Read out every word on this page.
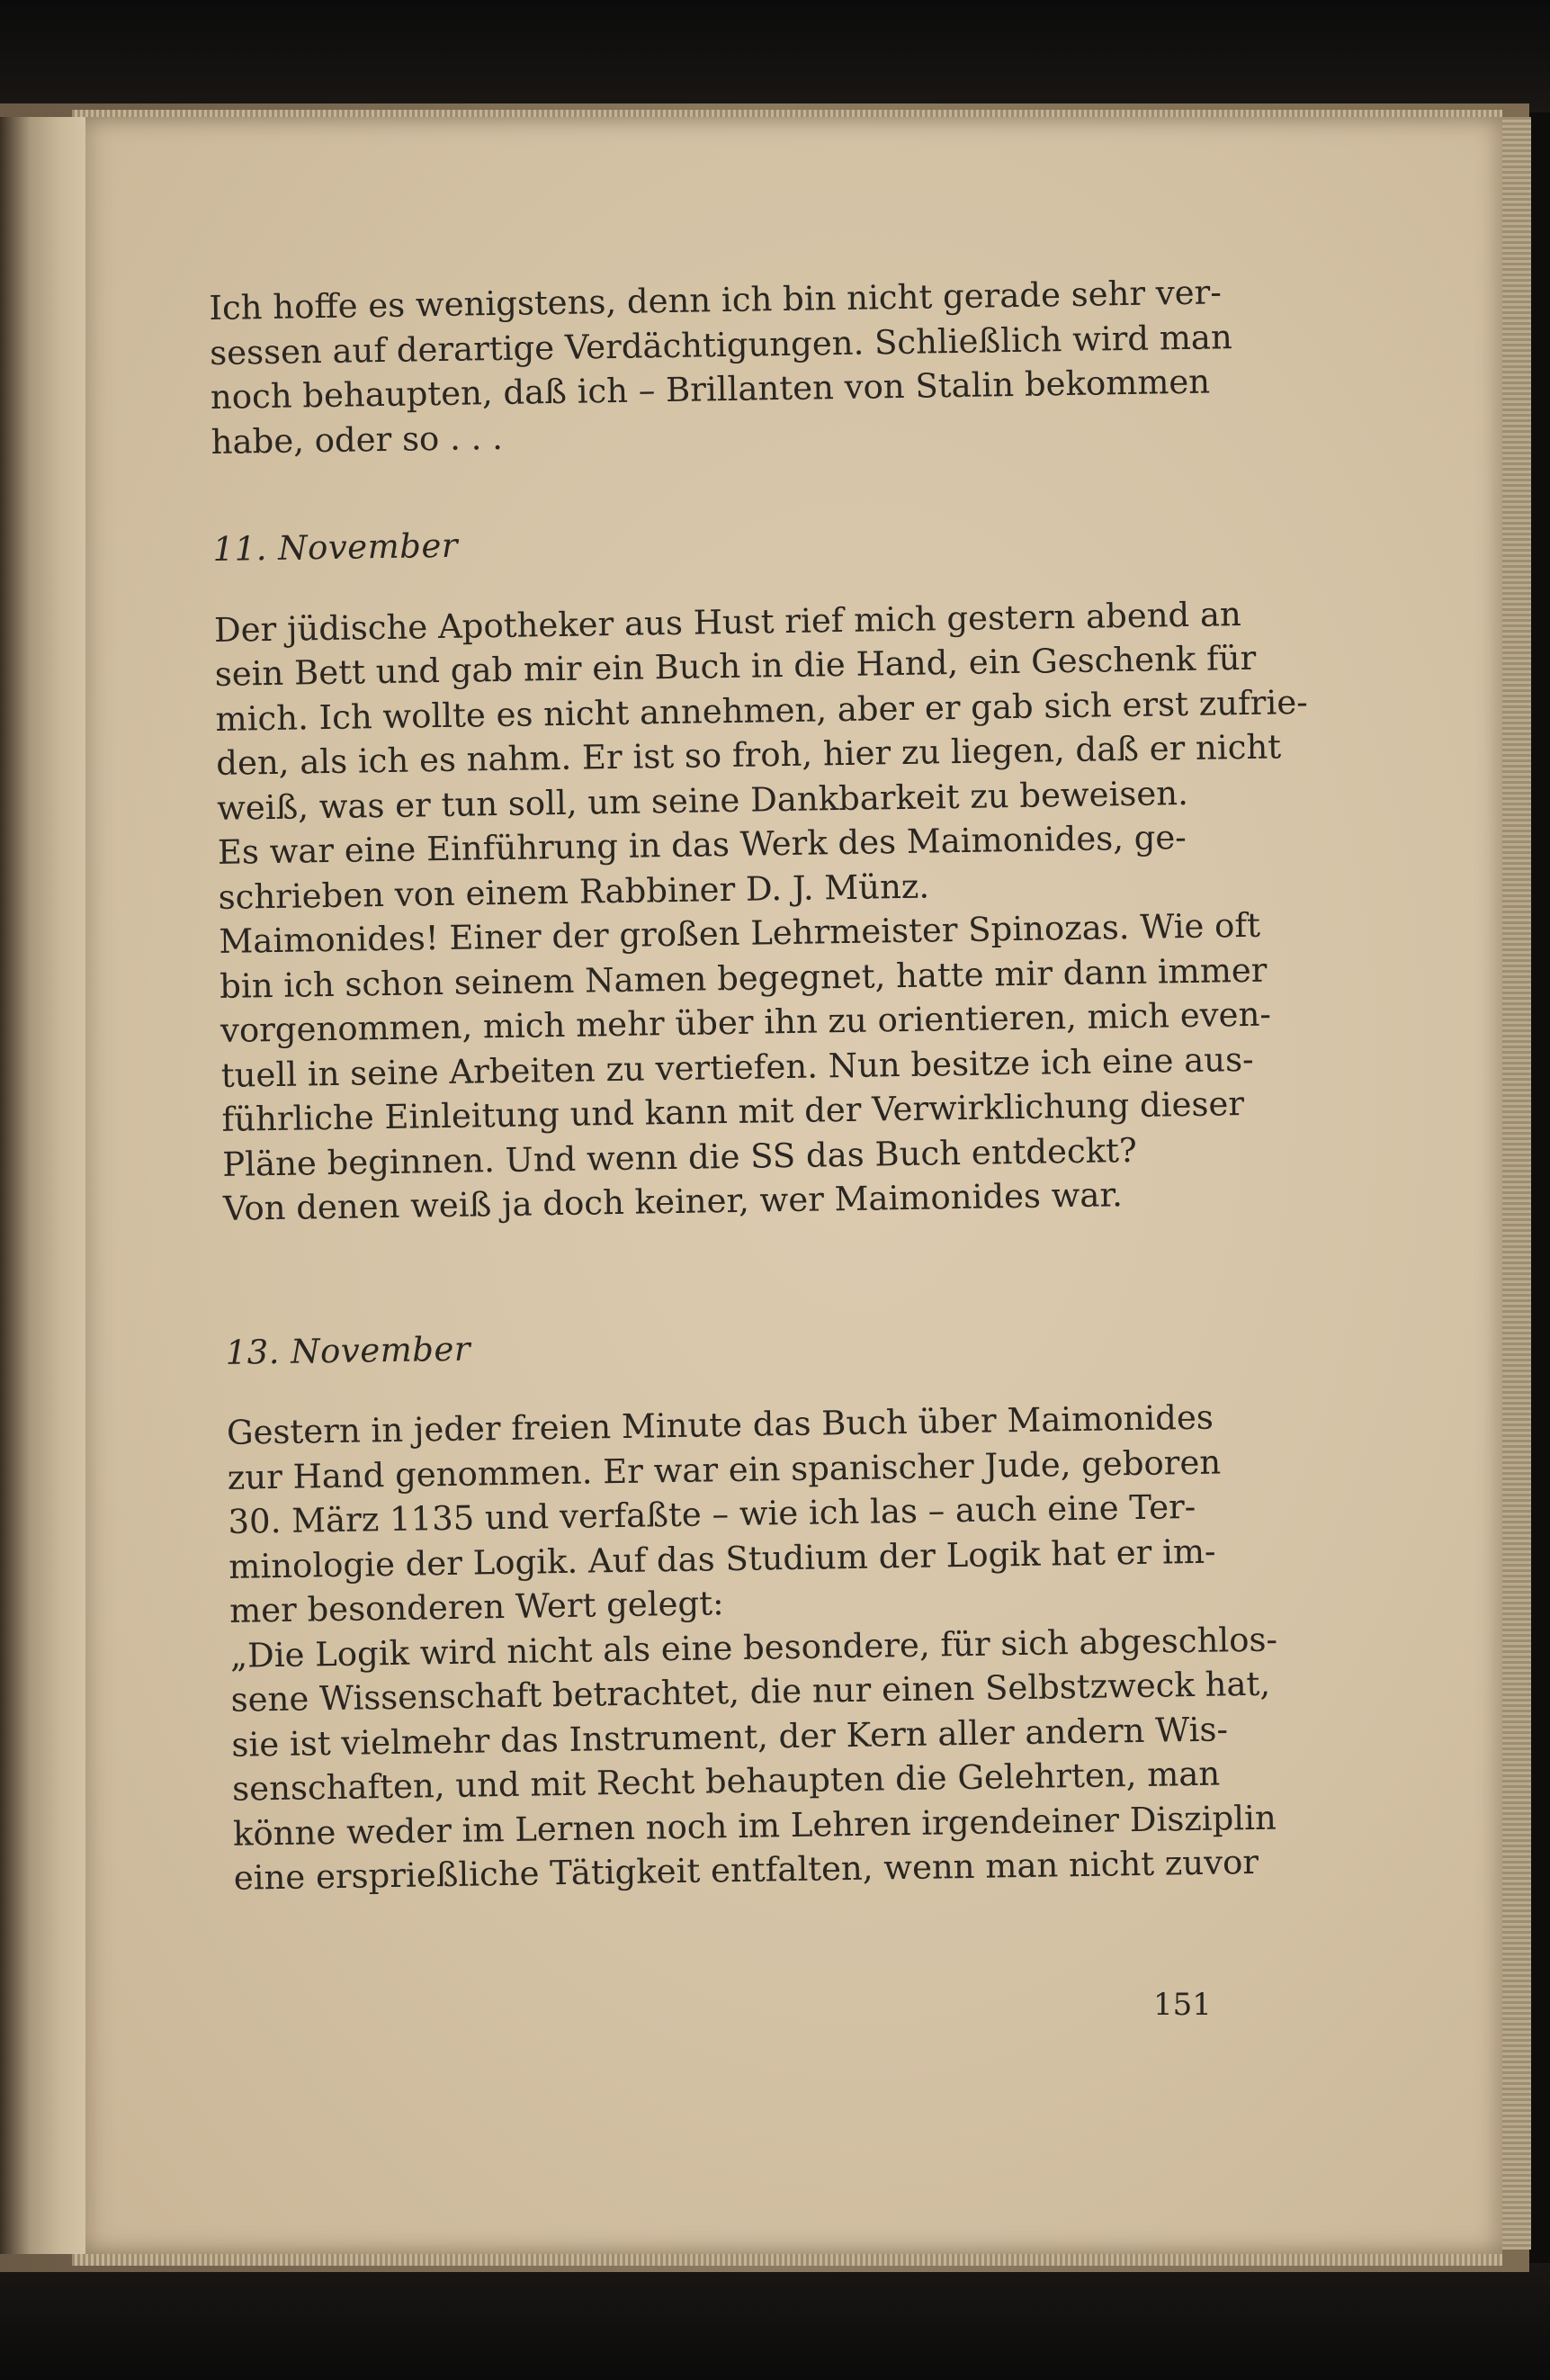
Ich hoffe es wenigstens, denn ich bin nicht gerade sehr ver-
sessen auf derartige Verdächtigungen. Schließlich wird man
noch behaupten, daß ich – Brillanten von Stalin bekommen
habe, oder so . . .
11. November
Der jüdische Apotheker aus Hust rief mich gestern abend an
sein Bett und gab mir ein Buch in die Hand, ein Geschenk für
mich. Ich wollte es nicht annehmen, aber er gab sich erst zufrie-
den, als ich es nahm. Er ist so froh, hier zu liegen, daß er nicht
weiß, was er tun soll, um seine Dankbarkeit zu beweisen.
Es war eine Einführung in das Werk des Maimonides, ge-
schrieben von einem Rabbiner D. J. Münz.
Maimonides! Einer der großen Lehrmeister Spinozas. Wie oft
bin ich schon seinem Namen begegnet, hatte mir dann immer
vorgenommen, mich mehr über ihn zu orientieren, mich even-
tuell in seine Arbeiten zu vertiefen. Nun besitze ich eine aus-
führliche Einleitung und kann mit der Verwirklichung dieser
Pläne beginnen. Und wenn die SS das Buch entdeckt?
Von denen weiß ja doch keiner, wer Maimonides war.
13. November
Gestern in jeder freien Minute das Buch über Maimonides
zur Hand genommen. Er war ein spanischer Jude, geboren
30. März 1135 und verfaßte – wie ich las – auch eine Ter-
minologie der Logik. Auf das Studium der Logik hat er im-
mer besonderen Wert gelegt:
„Die Logik wird nicht als eine besondere, für sich abgeschlos-
sene Wissenschaft betrachtet, die nur einen Selbstzweck hat,
sie ist vielmehr das Instrument, der Kern aller andern Wis-
senschaften, und mit Recht behaupten die Gelehrten, man
könne weder im Lernen noch im Lehren irgendeiner Disziplin
eine ersprießliche Tätigkeit entfalten, wenn man nicht zuvor
151
